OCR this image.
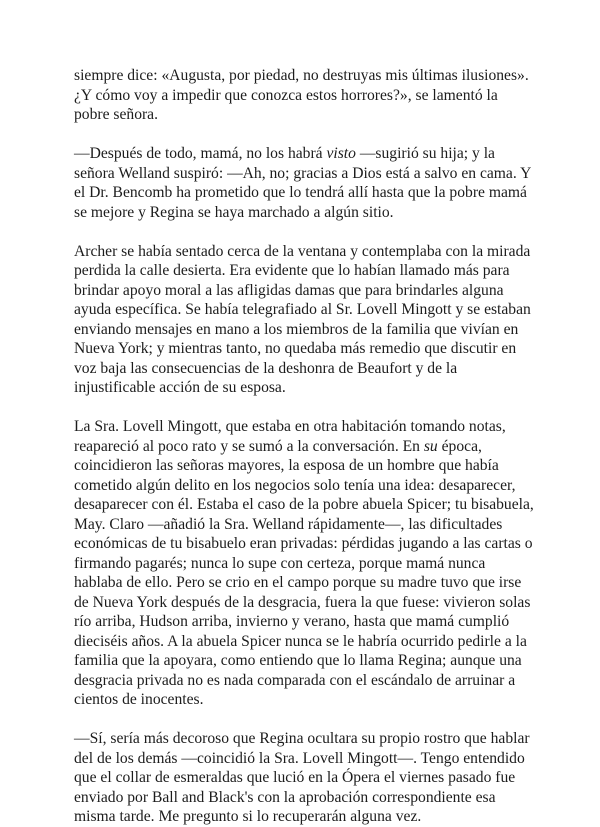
siempre dice: «Augusta, por piedad, no destruyas mis últimas ilusiones». ¿Y cómo voy a impedir que conozca estos horrores?», se lamentó la pobre señora.

—Después de todo, mamá, no los habrá visto —sugirió su hija; y la señora Welland suspiró: —Ah, no; gracias a Dios está a salvo en cama. Y el Dr. Bencomb ha prometido que lo tendrá allí hasta que la pobre mamá se mejore y Regina se haya marchado a algún sitio.

Archer se había sentado cerca de la ventana y contemplaba con la mirada perdida la calle desierta. Era evidente que lo habían llamado más para brindar apoyo moral a las afligidas damas que para brindarles alguna ayuda específica. Se había telegrafiado al Sr. Lovell Mingott y se estaban enviando mensajes en mano a los miembros de la familia que vivían en Nueva York; y mientras tanto, no quedaba más remedio que discutir en voz baja las consecuencias de la deshonra de Beaufort y de la injustificable acción de su esposa.

La Sra. Lovell Mingott, que estaba en otra habitación tomando notas, reapareció al poco rato y se sumó a la conversación. En su época, coincidieron las señoras mayores, la esposa de un hombre que había cometido algún delito en los negocios solo tenía una idea: desaparecer, desaparecer con él. Estaba el caso de la pobre abuela Spicer; tu bisabuela, May. Claro —añadió la Sra. Welland rápidamente—, las dificultades económicas de tu bisabuelo eran privadas: pérdidas jugando a las cartas o firmando pagarés; nunca lo supe con certeza, porque mamá nunca hablaba de ello. Pero se crio en el campo porque su madre tuvo que irse de Nueva York después de la desgracia, fuera la que fuese: vivieron solas río arriba, Hudson arriba, invierno y verano, hasta que mamá cumplió dieciséis años. A la abuela Spicer nunca se le habría ocurrido pedirle a la familia que la apoyara, como entiendo que lo llama Regina; aunque una desgracia privada no es nada comparada con el escándalo de arruinar a cientos de inocentes.

—Sí, sería más decoroso que Regina ocultara su propio rostro que hablar del de los demás —coincidió la Sra. Lovell Mingott—. Tengo entendido que el collar de esmeraldas que lució en la Ópera el viernes pasado fue enviado por Ball and Black's con la aprobación correspondiente esa misma tarde. Me pregunto si lo recuperarán alguna vez.
